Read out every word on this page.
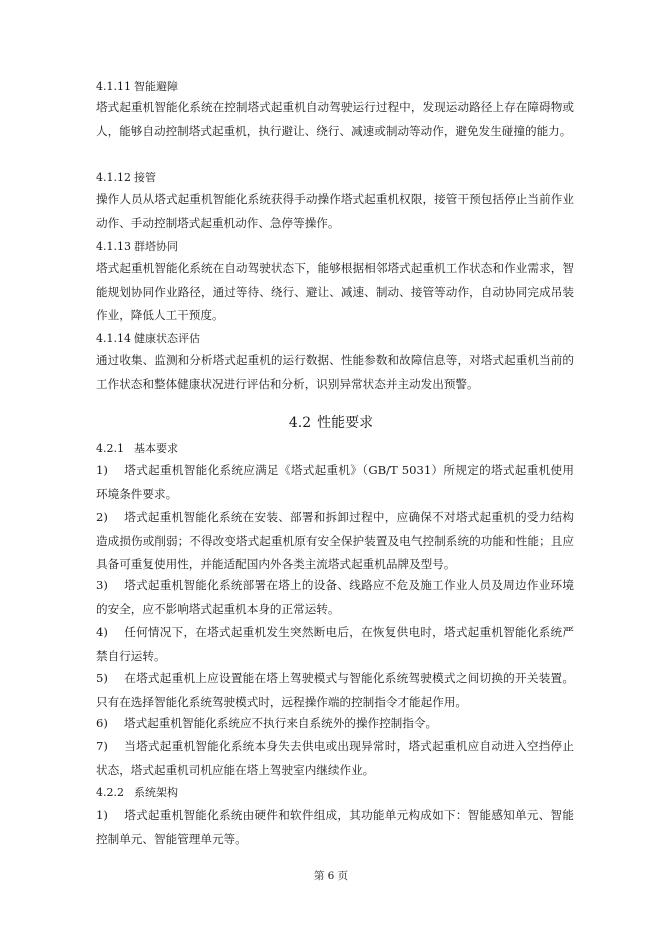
4.1.11 智能避障
塔式起重机智能化系统在控制塔式起重机自动驾驶运行过程中，发现运动路径上存在障碍物或人，能够自动控制塔式起重机，执行避让、绕行、减速或制动等动作，避免发生碰撞的能力。
4.1.12 接管
操作人员从塔式起重机智能化系统获得手动操作塔式起重机权限，接管干预包括停止当前作业动作、手动控制塔式起重机动作、急停等操作。
4.1.13 群塔协同
塔式起重机智能化系统在自动驾驶状态下，能够根据相邻塔式起重机工作状态和作业需求，智能规划协同作业路径，通过等待、绕行、避让、减速、制动、接管等动作，自动协同完成吊装作业，降低人工干预度。
4.1.14 健康状态评估
通过收集、监测和分析塔式起重机的运行数据、性能参数和故障信息等，对塔式起重机当前的工作状态和整体健康状况进行评估和分析，识别异常状态并主动发出预警。
4.2 性能要求
4.2.1 基本要求
1) 塔式起重机智能化系统应满足《塔式起重机》（GB/T 5031）所规定的塔式起重机使用环境条件要求。
2) 塔式起重机智能化系统在安装、部署和拆卸过程中，应确保不对塔式起重机的受力结构造成损伤或削弱；不得改变塔式起重机原有安全保护装置及电气控制系统的功能和性能；且应具备可重复使用性，并能适配国内外各类主流塔式起重机品牌及型号。
3) 塔式起重机智能化系统部署在塔上的设备、线路应不危及施工作业人员及周边作业环境的安全，应不影响塔式起重机本身的正常运转。
4) 任何情况下，在塔式起重机发生突然断电后，在恢复供电时，塔式起重机智能化系统严禁自行运转。
5) 在塔式起重机上应设置能在塔上驾驶模式与智能化系统驾驶模式之间切换的开关装置。只有在选择智能化系统驾驶模式时，远程操作端的控制指令才能起作用。
6) 塔式起重机智能化系统应不执行来自系统外的操作控制指令。
7) 当塔式起重机智能化系统本身失去供电或出现异常时，塔式起重机应自动进入空挡停止状态，塔式起重机司机应能在塔上驾驶室内继续作业。
4.2.2 系统架构
1) 塔式起重机智能化系统由硬件和软件组成，其功能单元构成如下：智能感知单元、智能控制单元、智能管理单元等。
第 6 页
